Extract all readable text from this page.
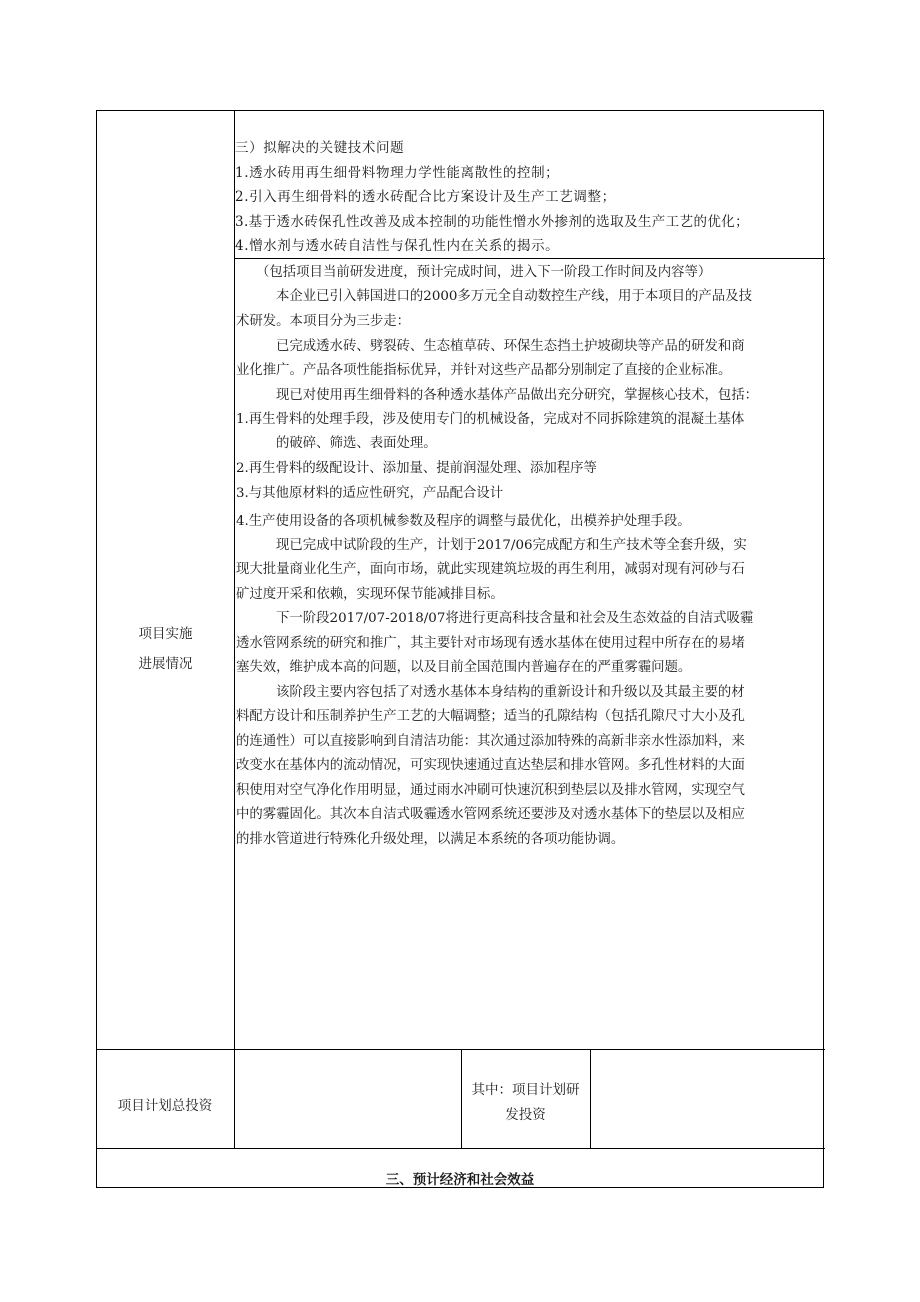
三）拟解决的关键技术问题
1.透水砖用再生细骨料物理力学性能离散性的控制；
2.引入再生细骨料的透水砖配合比方案设计及生产工艺调整；
3.基于透水砖保孔性改善及成本控制的功能性憎水外掺剂的选取及生产工艺的优化；
4.憎水剂与透水砖自洁性与保孔性内在关系的揭示。
项目实施
进展情况
（包括项目当前研发进度，预计完成时间，进入下一阶段工作时间及内容等）
本企业已引入韩国进口的2000多万元全自动数控生产线，用于本项目的产品及技
术研发。本项目分为三步走：
已完成透水砖、劈裂砖、生态植草砖、环保生态挡土护坡砌块等产品的研发和商
业化推广。产品各项性能指标优异，并针对这些产品都分别制定了直接的企业标准。
现已对使用再生细骨料的各种透水基体产品做出充分研究，掌握核心技术，包括：
1.再生骨料的处理手段，涉及使用专门的机械设备，完成对不同拆除建筑的混凝土基体
的破碎、筛选、表面处理。
2.再生骨料的级配设计、添加量、提前润湿处理、添加程序等
3.与其他原材料的适应性研究，产品配合设计
4.生产使用设备的各项机械参数及程序的调整与最优化，出模养护处理手段。
现已完成中试阶段的生产，计划于2017/06完成配方和生产技术等全套升级，实
现大批量商业化生产，面向市场，就此实现建筑垃圾的再生利用，减弱对现有河砂与石
矿过度开采和依赖，实现环保节能减排目标。
下一阶段2017/07-2018/07将进行更高科技含量和社会及生态效益的自洁式吸霾
透水管网系统的研究和推广，其主要针对市场现有透水基体在使用过程中所存在的易堵
塞失效，维护成本高的问题，以及目前全国范围内普遍存在的严重雾霾问题。
该阶段主要内容包括了对透水基体本身结构的重新设计和升级以及其最主要的材
料配方设计和压制养护生产工艺的大幅调整；适当的孔隙结构（包括孔隙尺寸大小及孔
的连通性）可以直接影响到自清洁功能：其次通过添加特殊的高新非亲水性添加料，来
改变水在基体内的流动情况，可实现快速通过直达垫层和排水管网。多孔性材料的大面
积使用对空气净化作用明显，通过雨水冲刷可快速沉积到垫层以及排水管网，实现空气
中的雾霾固化。其次本自洁式吸霾透水管网系统还要涉及对透水基体下的垫层以及相应
的排水管道进行特殊化升级处理，以满足本系统的各项功能协调。
项目计划总投资
其中：项目计划研
发投资
三、预计经济和社会效益
